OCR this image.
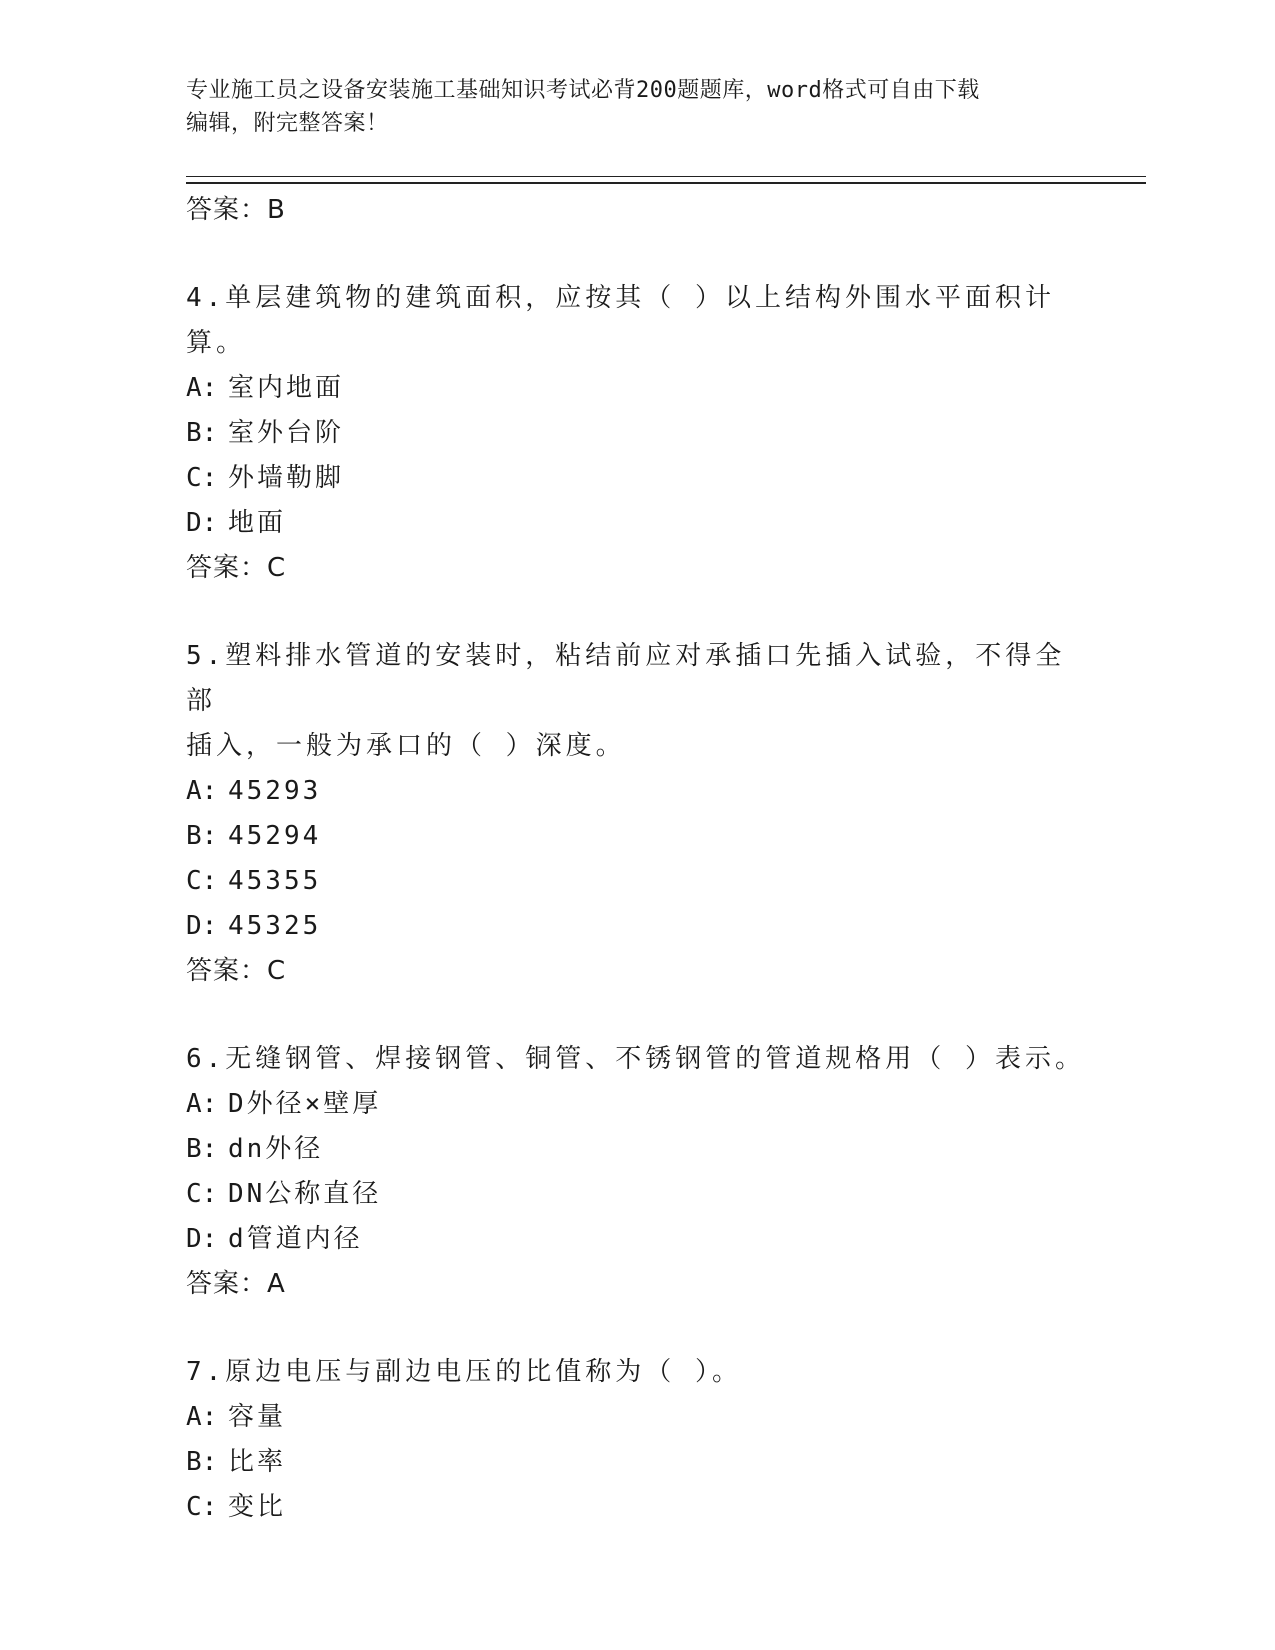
专业施工员之设备安装施工基础知识考试必背200题题库，word格式可自由下载
编辑，附完整答案！
答案：B
4.单层建筑物的建筑面积，应按其（ ）以上结构外围水平面积计算。
A: 室内地面
B: 室外台阶
C: 外墙勒脚
D: 地面
答案：C
5.塑料排水管道的安装时，粘结前应对承插口先插入试验，不得全部
插入，一般为承口的（ ）深度。
A: 45293
B: 45294
C: 45355
D: 45325
答案：C
6.无缝钢管、焊接钢管、铜管、不锈钢管的管道规格用（ ）表示。
A: D外径×壁厚
B: dn外径
C: DN公称直径
D: d管道内径
答案：A
7.原边电压与副边电压的比值称为（ ）。
A: 容量
B: 比率
C: 变比
